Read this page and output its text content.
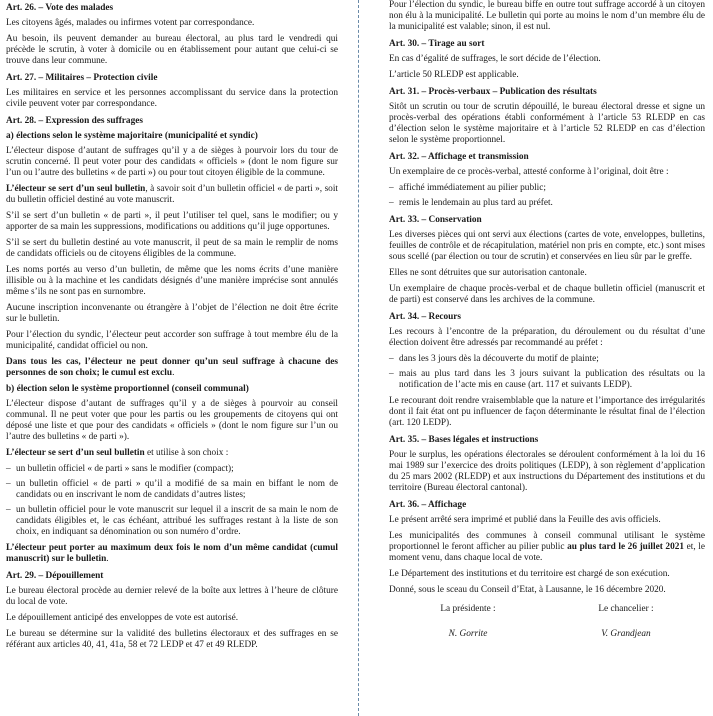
Art. 26. – Vote des malades

Les citoyens âgés, malades ou infirmes votent par correspondance.

Au besoin, ils peuvent demander au bureau électoral, au plus tard le vendredi qui précède le scrutin, à voter à domicile ou en établissement pour autant que celui-ci se trouve dans leur commune.

Art. 27. – Militaires – Protection civile

Les militaires en service et les personnes accomplissant du service dans la protection civile peuvent voter par correspondance.

Art. 28. – Expression des suffrages

a) élections selon le système majoritaire (municipalité et syndic)

L’électeur dispose d’autant de suffrages qu’il y a de sièges à pourvoir lors du tour de scrutin concerné. Il peut voter pour des candidats « officiels » (dont le nom figure sur l’un ou l’autre des bulletins « de parti ») ou pour tout citoyen éligible de la commune.

L’électeur se sert d’un seul bulletin, à savoir soit d’un bulletin officiel « de parti », soit du bulletin officiel destiné au vote manuscrit.

S’il se sert d’un bulletin « de parti », il peut l’utiliser tel quel, sans le modifier; ou y apporter de sa main les suppressions, modifications ou additions qu’il juge opportunes.

S’il se sert du bulletin destiné au vote manuscrit, il peut de sa main le remplir de noms de candidats officiels ou de citoyens éligibles de la commune.

Les noms portés au verso d’un bulletin, de même que les noms écrits d’une manière illisible ou à la machine et les candidats désignés d’une manière imprécise sont annulés même s’ils ne sont pas en surnombre.

Aucune inscription inconvenante ou étrangère à l’objet de l’élection ne doit être écrite sur le bulletin.

Pour l’élection du syndic, l’électeur peut accorder son suffrage à tout membre élu de la municipalité, candidat officiel ou non.

Dans tous les cas, l’électeur ne peut donner qu’un seul suffrage à chacune des personnes de son choix; le cumul est exclu.

b) élection selon le système proportionnel (conseil communal)

L’électeur dispose d’autant de suffrages qu’il y a de sièges à pourvoir au conseil communal. Il ne peut voter que pour les partis ou les groupements de citoyens qui ont déposé une liste et que pour des candidats « officiels » (dont le nom figure sur l’un ou l’autre des bulletins « de parti »).

L’électeur se sert d’un seul bulletin et utilise à son choix :

– un bulletin officiel « de parti » sans le modifier (compact);
– un bulletin officiel « de parti » qu’il a modifié de sa main en biffant le nom de candidats ou en inscrivant le nom de candidats d’autres listes;
– un bulletin officiel pour le vote manuscrit sur lequel il a inscrit de sa main le nom de candidats éligibles et, le cas échéant, attribué les suffrages restant à la liste de son choix, en indiquant sa dénomination ou son numéro d’ordre.

L’électeur peut porter au maximum deux fois le nom d’un même candidat (cumul manuscrit) sur le bulletin.

Art. 29. – Dépouillement

Le bureau électoral procède au dernier relevé de la boîte aux lettres à l’heure de clôture du local de vote.

Le dépouillement anticipé des enveloppes de vote est autorisé.

Le bureau se détermine sur la validité des bulletins électoraux et des suffrages en se référant aux articles 40, 41, 41a, 58 et 72 LEDP et 47 et 49 RLEDP.

Pour l’élection du syndic, le bureau biffe en outre tout suffrage accordé à un citoyen non élu à la municipalité. Le bulletin qui porte au moins le nom d’un membre élu de la municipalité est valable; sinon, il est nul.

Art. 30. – Tirage au sort

En cas d’égalité de suffrages, le sort décide de l’élection.

L’article 50 RLEDP est applicable.

Art. 31. – Procès-verbaux – Publication des résultats

Sitôt un scrutin ou tour de scrutin dépouillé, le bureau électoral dresse et signe un procès-verbal des opérations établi conformément à l’article 53 RLEDP en cas d’élection selon le système majoritaire et à l’article 52 RLEDP en cas d’élection selon le système proportionnel.

Art. 32. – Affichage et transmission

Un exemplaire de ce procès-verbal, attesté conforme à l’original, doit être :

– affiché immédiatement au pilier public;
– remis le lendemain au plus tard au préfet.

Art. 33. – Conservation

Les diverses pièces qui ont servi aux élections (cartes de vote, enveloppes, bulletins, feuilles de contrôle et de récapitulation, matériel non pris en compte, etc.) sont mises sous scellé (par élection ou tour de scrutin) et conservées en lieu sûr par le greffe.

Elles ne sont détruites que sur autorisation cantonale.

Un exemplaire de chaque procès-verbal et de chaque bulletin officiel (manuscrit et de parti) est conservé dans les archives de la commune.

Art. 34. – Recours

Les recours à l’encontre de la préparation, du déroulement ou du résultat d’une élection doivent être adressés par recommandé au préfet :

– dans les 3 jours dès la découverte du motif de plainte;
– mais au plus tard dans les 3 jours suivant la publication des résultats ou la notification de l’acte mis en cause (art. 117 et suivants LEDP).

Le recourant doit rendre vraisemblable que la nature et l’importance des irrégularités dont il fait état ont pu influencer de façon déterminante le résultat final de l’élection (art. 120 LEDP).

Art. 35. – Bases légales et instructions

Pour le surplus, les opérations électorales se déroulent conformément à la loi du 16 mai 1989 sur l’exercice des droits politiques (LEDP), à son règlement d’application du 25 mars 2002 (RLEDP) et aux instructions du Département des institutions et du territoire (Bureau électoral cantonal).

Art. 36. – Affichage

Le présent arrêté sera imprimé et publié dans la Feuille des avis officiels.

Les municipalités des communes à conseil communal utilisant le système proportionnel le feront afficher au pilier public au plus tard le 26 juillet 2021 et, le moment venu, dans chaque local de vote.

Le Département des institutions et du territoire est chargé de son exécution.

Donné, sous le sceau du Conseil d’Etat, à Lausanne, le 16 décembre 2020.

La présidente :
N. Gorrite
Le chancelier :
V. Grandjean
